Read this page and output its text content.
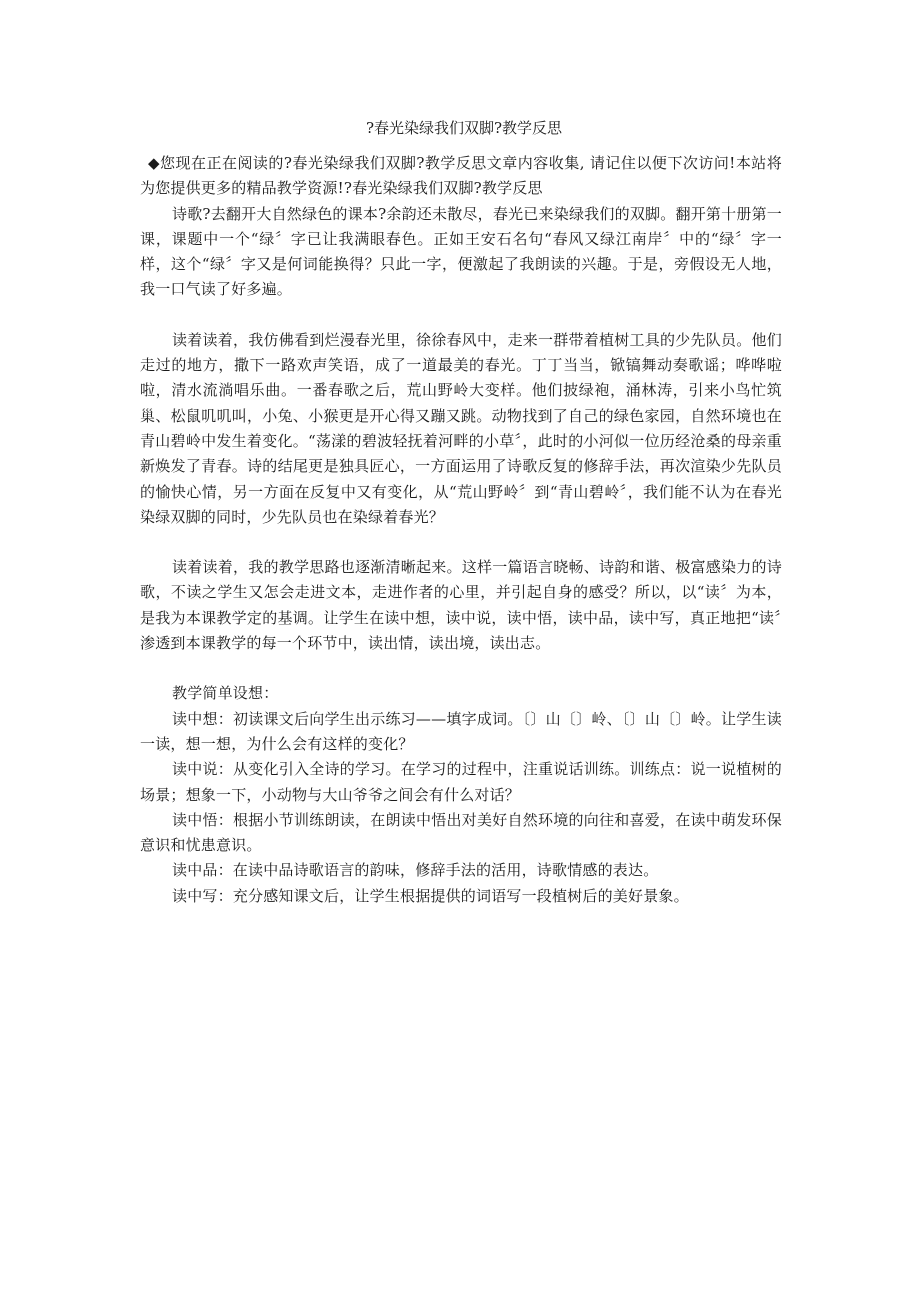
?春光染绿我们双脚?教学反思

◆您现在正在阅读的?春光染绿我们双脚?教学反思文章内容收集, 请记住以便下次访问!本站将为您提供更多的精品教学资源!?春光染绿我们双脚?教学反思

诗歌?去翻开大自然绿色的课本?余韵还未散尽，春光已来染绿我们的双脚。翻开第十册第一课，课题中一个“绿〞字已让我满眼春色。正如王安石名句“春风又绿江南岸〞中的“绿〞字一样，这个“绿〞字又是何词能换得？只此一字，便激起了我朗读的兴趣。于是，旁假设无人地，我一口气读了好多遍。

读着读着，我仿佛看到烂漫春光里，徐徐春风中，走来一群带着植树工具的少先队员。他们走过的地方，撒下一路欢声笑语，成了一道最美的春光。丁丁当当，锨镐舞动奏歌谣；哗哗啦啦，清水流淌唱乐曲。一番春歌之后，荒山野岭大变样。他们披绿袍，涌林涛，引来小鸟忙筑巢、松鼠叽叽叫，小兔、小猴更是开心得又蹦又跳。动物找到了自己的绿色家园，自然环境也在青山碧岭中发生着变化。“荡漾的碧波轻抚着河畔的小草〞，此时的小河似一位历经沧桑的母亲重新焕发了青春。诗的结尾更是独具匠心，一方面运用了诗歌反复的修辞手法，再次渲染少先队员的愉快心情，另一方面在反复中又有变化，从“荒山野岭〞到“青山碧岭〞，我们能不认为在春光染绿双脚的同时，少先队员也在染绿着春光？

读着读着，我的教学思路也逐渐清晰起来。这样一篇语言晓畅、诗韵和谐、极富感染力的诗歌，不读之学生又怎会走进文本，走进作者的心里，并引起自身的感受？所以，以“读〞为本，是我为本课教学定的基调。让学生在读中想，读中说，读中悟，读中品，读中写，真正地把“读〞渗透到本课教学的每一个环节中，读出情，读出境，读出志。

教学简单设想：

读中想：初读课文后向学生出示练习——填字成词。〔〕山〔〕岭、〔〕山〔〕岭。让学生读一读，想一想，为什么会有这样的变化？

读中说：从变化引入全诗的学习。在学习的过程中，注重说话训练。训练点：说一说植树的场景；想象一下，小动物与大山爷爷之间会有什么对话？

读中悟：根据小节训练朗读，在朗读中悟出对美好自然环境的向往和喜爱，在读中萌发环保意识和忧患意识。

读中品：在读中品诗歌语言的韵味，修辞手法的活用，诗歌情感的表达。

读中写：充分感知课文后，让学生根据提供的词语写一段植树后的美好景象。
